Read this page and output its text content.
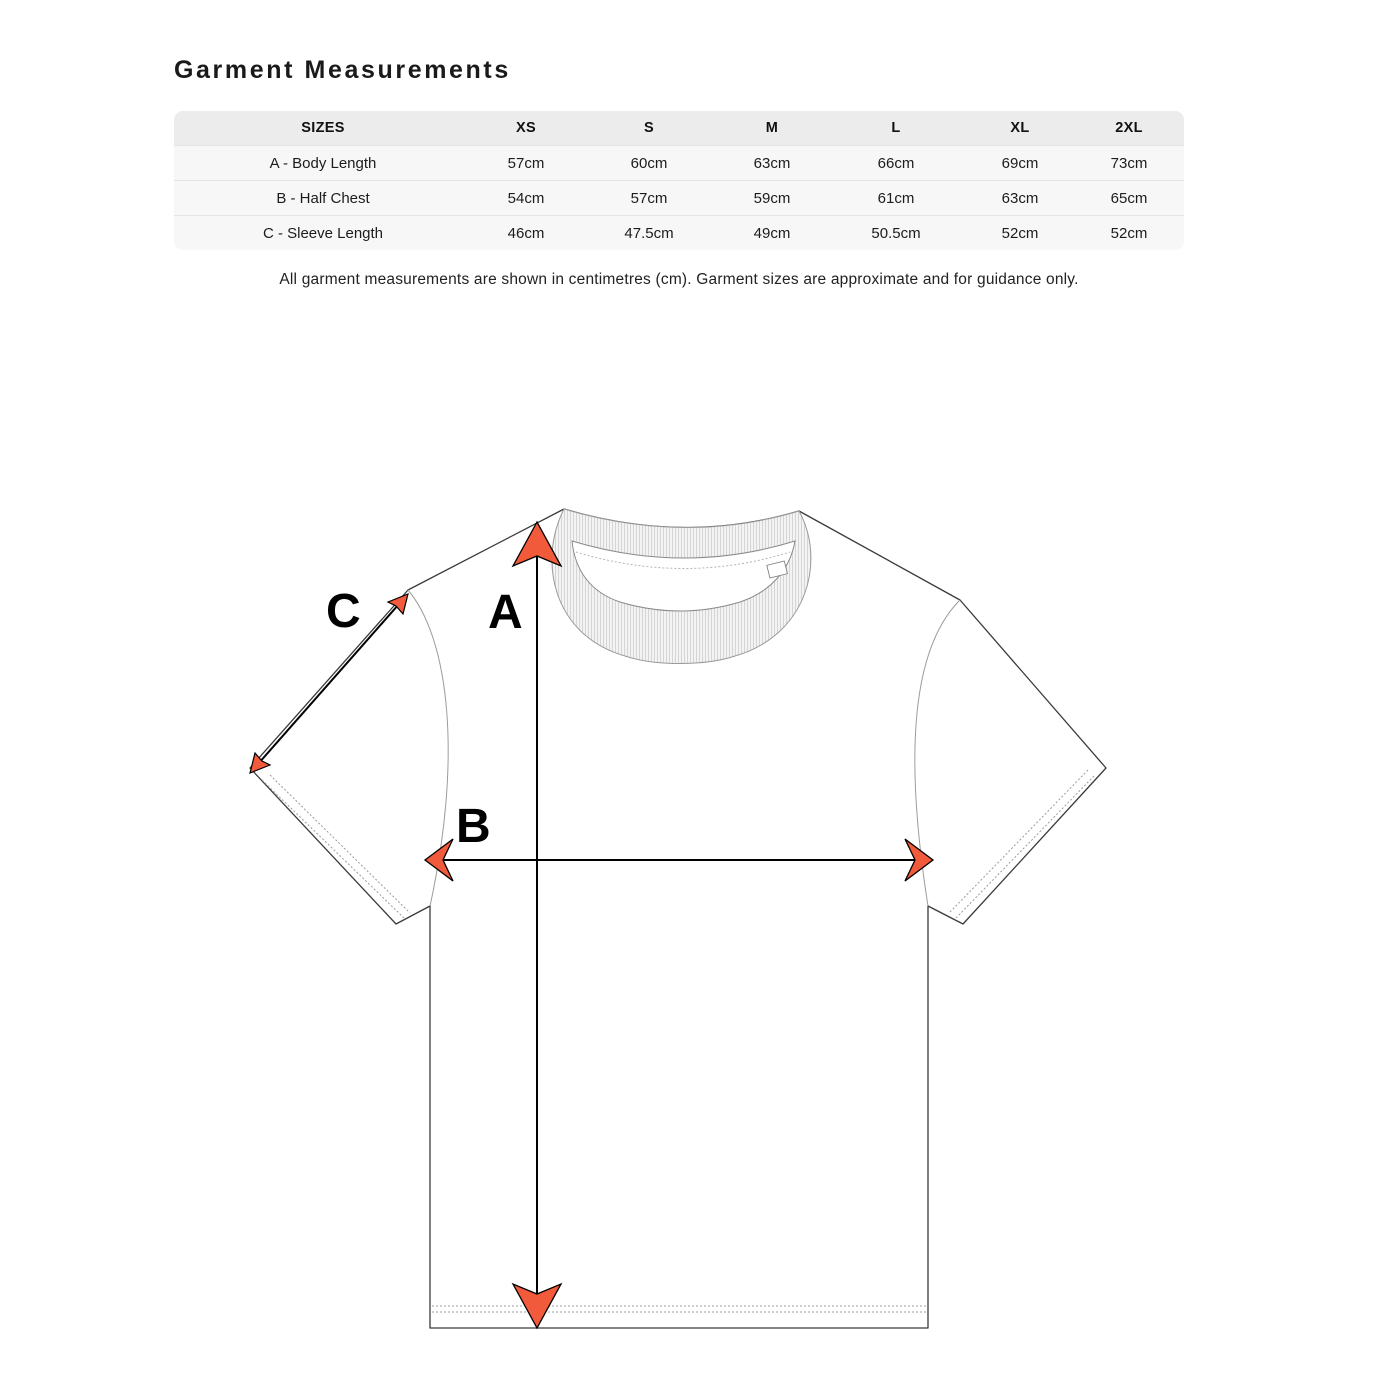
Garment Measurements
SIZES	XS	S	M	L	XL	2XL
A - Body Length	57cm	60cm	63cm	66cm	69cm	73cm
B - Half Chest	54cm	57cm	59cm	61cm	63cm	65cm
C - Sleeve Length	46cm	47.5cm	49cm	50.5cm	52cm	52cm
All garment measurements are shown in centimetres (cm). Garment sizes are approximate and for guidance only.
A
B
C
